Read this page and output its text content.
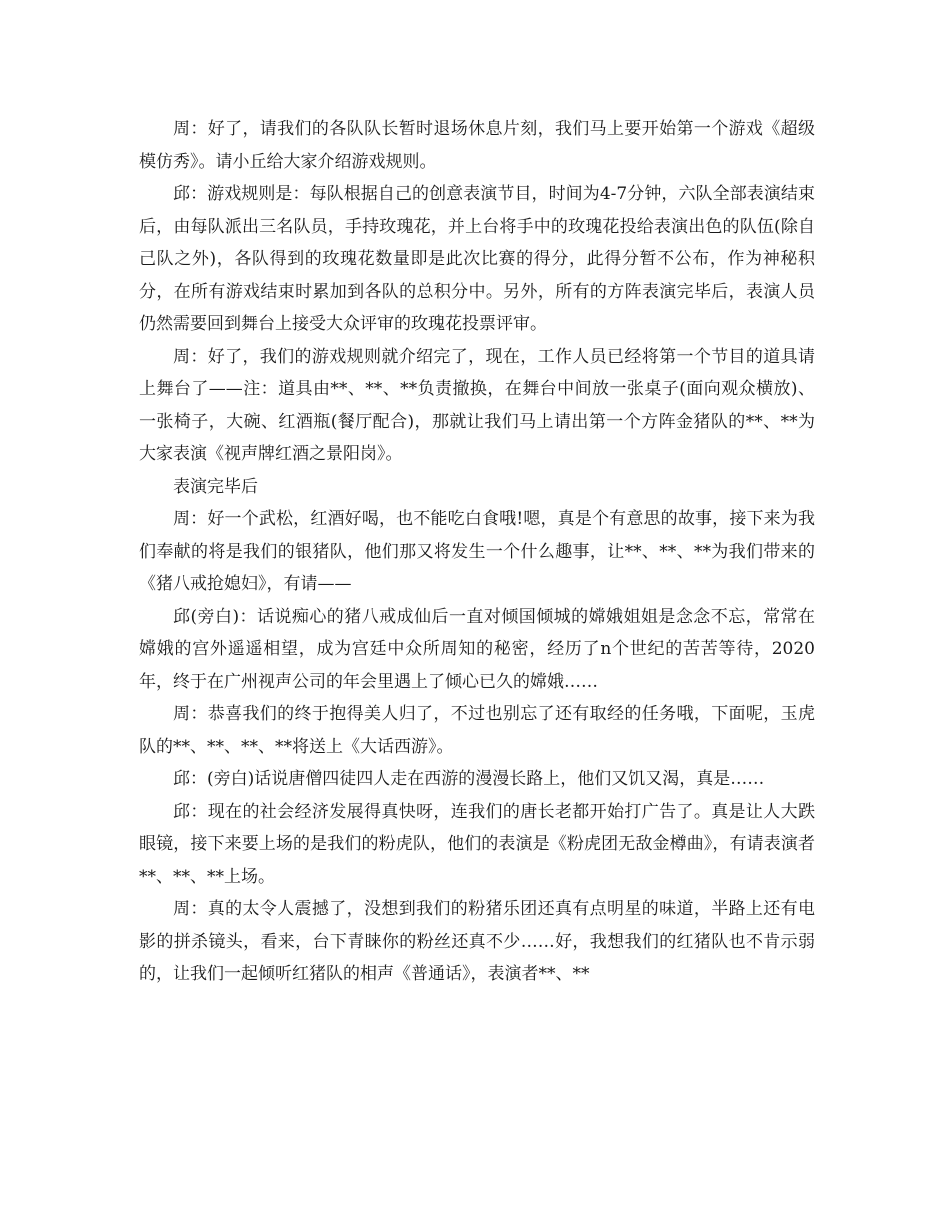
周：好了，请我们的各队队长暂时退场休息片刻，我们马上要开始第一个游戏《超级模仿秀》。请小丘给大家介绍游戏规则。

邱：游戏规则是：每队根据自己的创意表演节目，时间为4-7分钟，六队全部表演结束后，由每队派出三名队员，手持玫瑰花，并上台将手中的玫瑰花投给表演出色的队伍(除自己队之外)，各队得到的玫瑰花数量即是此次比赛的得分，此得分暂不公布，作为神秘积分，在所有游戏结束时累加到各队的总积分中。另外，所有的方阵表演完毕后，表演人员仍然需要回到舞台上接受大众评审的玫瑰花投票评审。

周：好了，我们的游戏规则就介绍完了，现在，工作人员已经将第一个节目的道具请上舞台了——注：道具由**、**、**负责撤换，在舞台中间放一张桌子(面向观众横放)、一张椅子，大碗、红酒瓶(餐厅配合)，那就让我们马上请出第一个方阵金猪队的**、**为大家表演《视声牌红酒之景阳岗》。

表演完毕后

周：好一个武松，红酒好喝，也不能吃白食哦!嗯，真是个有意思的故事，接下来为我们奉献的将是我们的银猪队，他们那又将发生一个什么趣事，让**、**、**为我们带来的《猪八戒抢媳妇》，有请——

邱(旁白)：话说痴心的猪八戒成仙后一直对倾国倾城的嫦娥姐姐是念念不忘，常常在嫦娥的宫外遥遥相望，成为宫廷中众所周知的秘密，经历了n个世纪的苦苦等待，2020年，终于在广州视声公司的年会里遇上了倾心已久的嫦娥……

周：恭喜我们的终于抱得美人归了，不过也别忘了还有取经的任务哦，下面呢，玉虎队的**、**、**、**将送上《大话西游》。

邱：(旁白)话说唐僧四徒四人走在西游的漫漫长路上，他们又饥又渴，真是……

邱：现在的社会经济发展得真快呀，连我们的唐长老都开始打广告了。真是让人大跌眼镜，接下来要上场的是我们的粉虎队，他们的表演是《粉虎团无敌金樽曲》，有请表演者**、**、**上场。

周：真的太令人震撼了，没想到我们的粉猪乐团还真有点明星的味道，半路上还有电影的拼杀镜头，看来，台下青睐你的粉丝还真不少……好，我想我们的红猪队也不肯示弱的，让我们一起倾听红猪队的相声《普通话》，表演者**、**
